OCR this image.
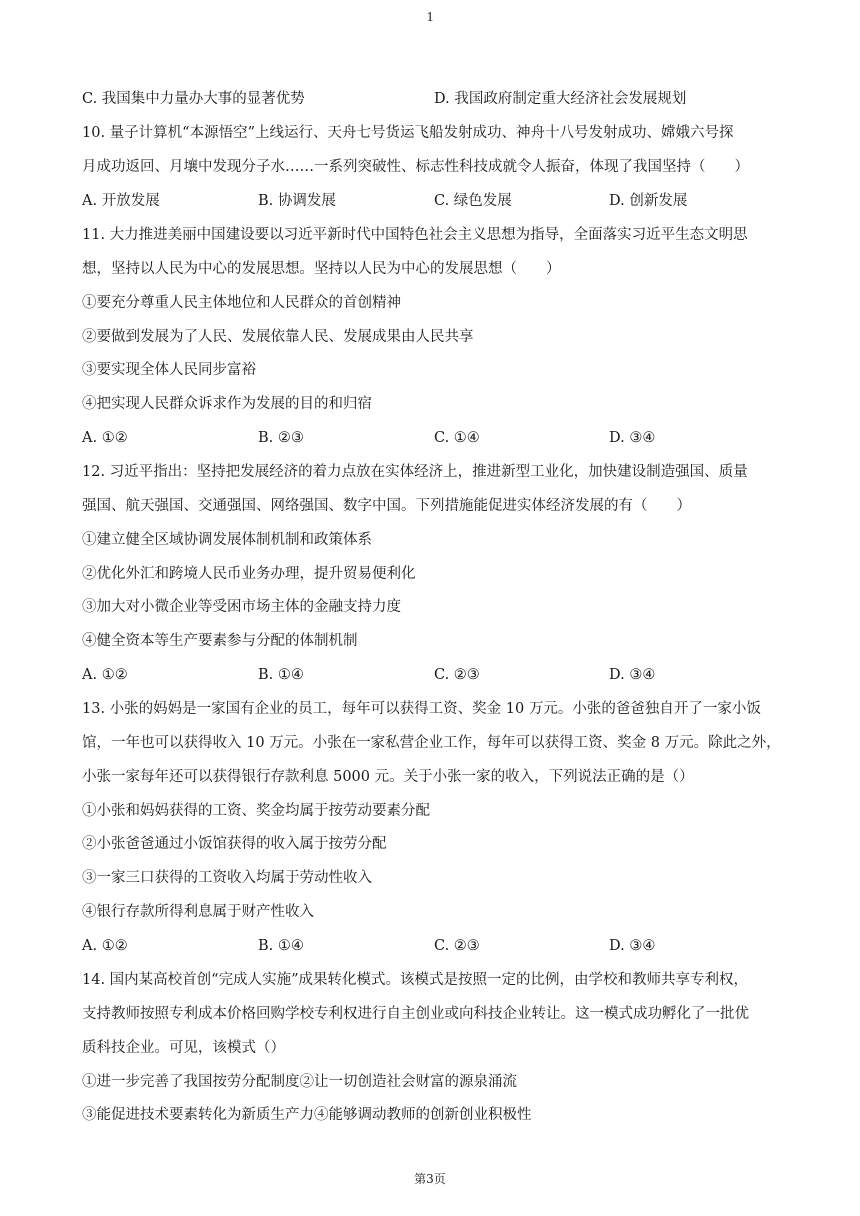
1
C. 我国集中力量办大事的显著优势	D. 我国政府制定重大经济社会发展规划
10. 量子计算机“本源悟空”上线运行、天舟七号货运飞船发射成功、神舟十八号发射成功、嫦娥六号探
月成功返回、月壤中发现分子水……一系列突破性、标志性科技成就令人振奋，体现了我国坚持（　　）
A. 开放发展	B. 协调发展	C. 绿色发展	D. 创新发展
11. 大力推进美丽中国建设要以习近平新时代中国特色社会主义思想为指导，全面落实习近平生态文明思
想，坚持以人民为中心的发展思想。坚持以人民为中心的发展思想（　　）
①要充分尊重人民主体地位和人民群众的首创精神
②要做到发展为了人民、发展依靠人民、发展成果由人民共享
③要实现全体人民同步富裕
④把实现人民群众诉求作为发展的目的和归宿
A. ①②	B. ②③	C. ①④	D. ③④
12. 习近平指出：坚持把发展经济的着力点放在实体经济上，推进新型工业化，加快建设制造强国、质量
强国、航天强国、交通强国、网络强国、数字中国。下列措施能促进实体经济发展的有（　　）
①建立健全区域协调发展体制机制和政策体系
②优化外汇和跨境人民币业务办理，提升贸易便利化
③加大对小微企业等受困市场主体的金融支持力度
④健全资本等生产要素参与分配的体制机制
A. ①②	B. ①④	C. ②③	D. ③④
13. 小张的妈妈是一家国有企业的员工，每年可以获得工资、奖金 10 万元。小张的爸爸独自开了一家小饭
馆，一年也可以获得收入 10 万元。小张在一家私营企业工作，每年可以获得工资、奖金 8 万元。除此之外，
小张一家每年还可以获得银行存款利息 5000 元。关于小张一家的收入，下列说法正确的是（）
①小张和妈妈获得的工资、奖金均属于按劳动要素分配
②小张爸爸通过小饭馆获得的收入属于按劳分配
③一家三口获得的工资收入均属于劳动性收入
④银行存款所得利息属于财产性收入
A. ①②	B. ①④	C. ②③	D. ③④
14. 国内某高校首创“完成人实施”成果转化模式。该模式是按照一定的比例，由学校和教师共享专利权，
支持教师按照专利成本价格回购学校专利权进行自主创业或向科技企业转让。这一模式成功孵化了一批优
质科技企业。可见，该模式（）
①进一步完善了我国按劳分配制度②让一切创造社会财富的源泉涌流
③能促进技术要素转化为新质生产力④能够调动教师的创新创业积极性
第3页
